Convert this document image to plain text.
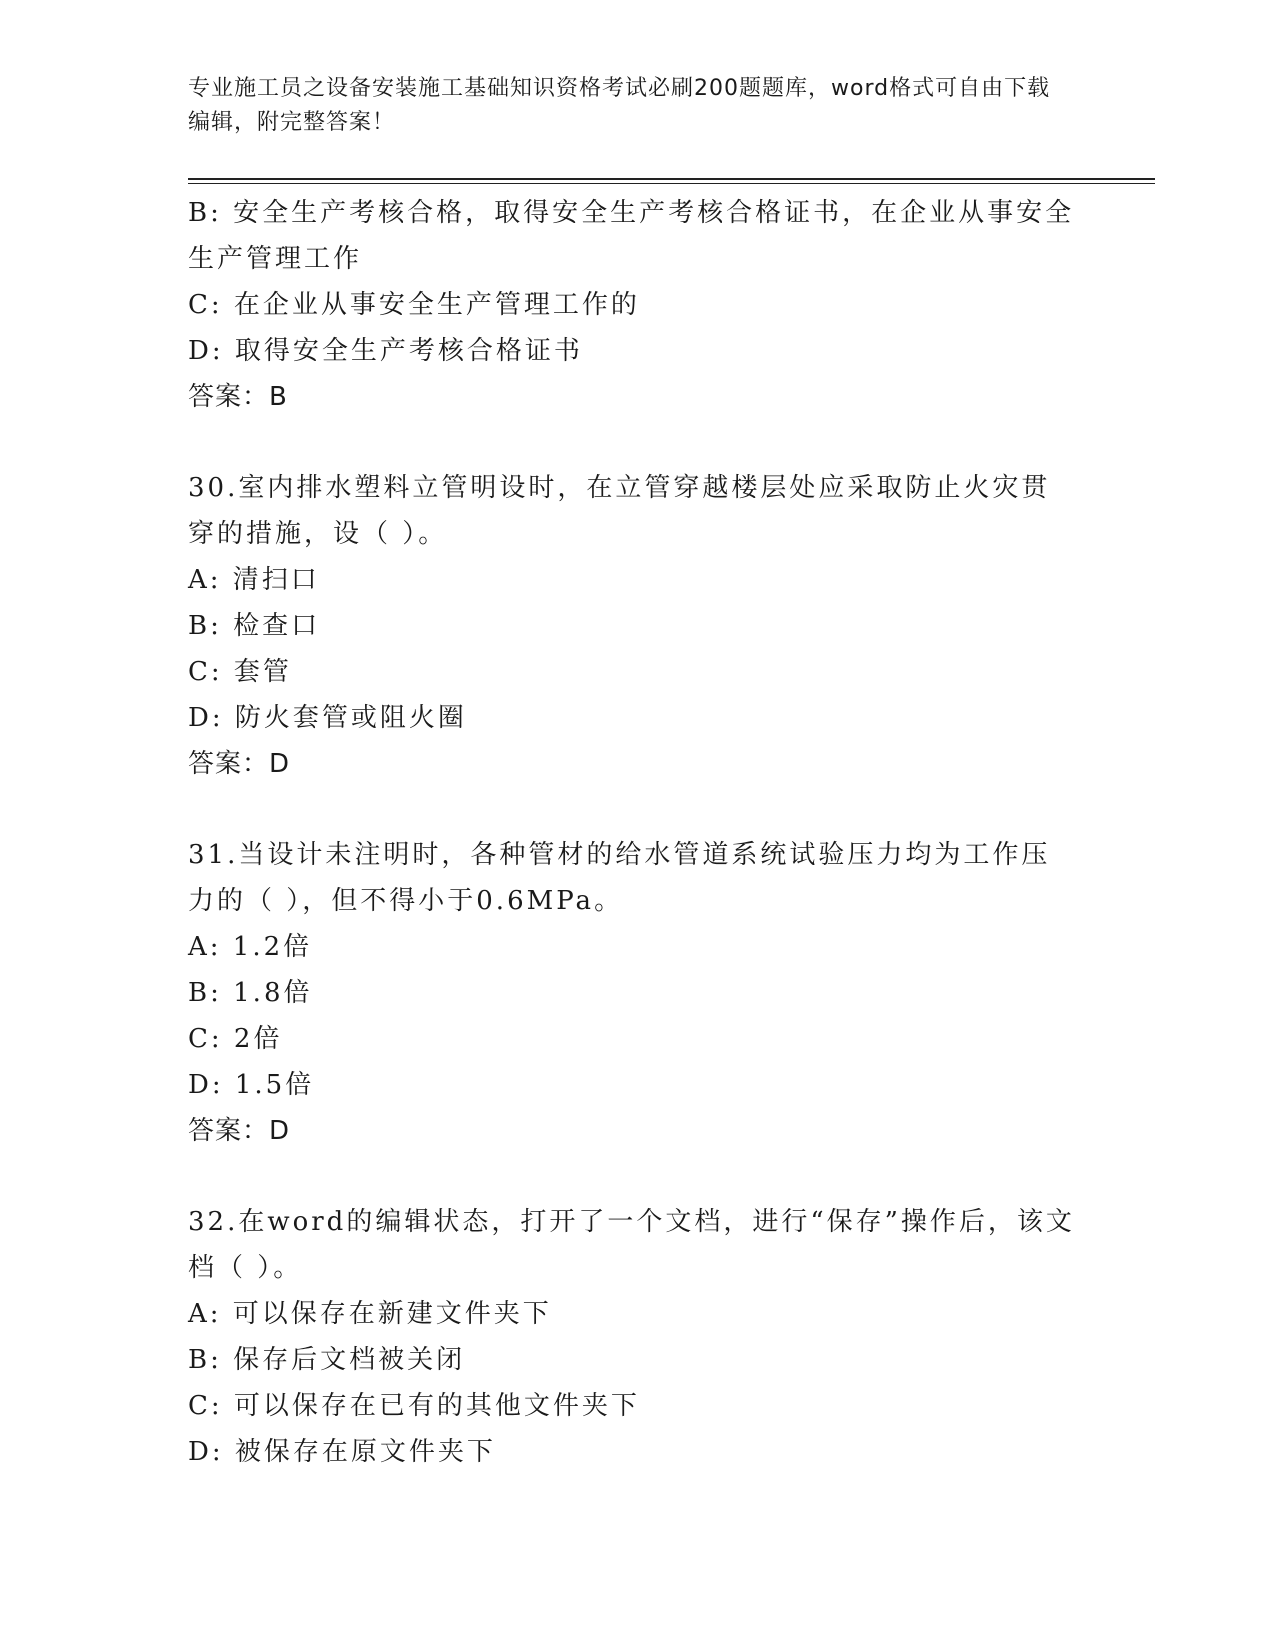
专业施工员之设备安装施工基础知识资格考试必刷200题题库，word格式可自由下载编辑，附完整答案！
B: 安全生产考核合格，取得安全生产考核合格证书，在企业从事安全生产管理工作
C: 在企业从事安全生产管理工作的
D: 取得安全生产考核合格证书
答案：B
30.室内排水塑料立管明设时，在立管穿越楼层处应采取防止火灾贯穿的措施，设（ ）。
A: 清扫口
B: 检查口
C: 套管
D: 防火套管或阻火圈
答案：D
31.当设计未注明时，各种管材的给水管道系统试验压力均为工作压力的（ ），但不得小于0.6MPa。
A: 1.2倍
B: 1.8倍
C: 2倍
D: 1.5倍
答案：D
32.在word的编辑状态，打开了一个文档，进行“保存”操作后，该文档（ ）。
A: 可以保存在新建文件夹下
B: 保存后文档被关闭
C: 可以保存在已有的其他文件夹下
D: 被保存在原文件夹下
